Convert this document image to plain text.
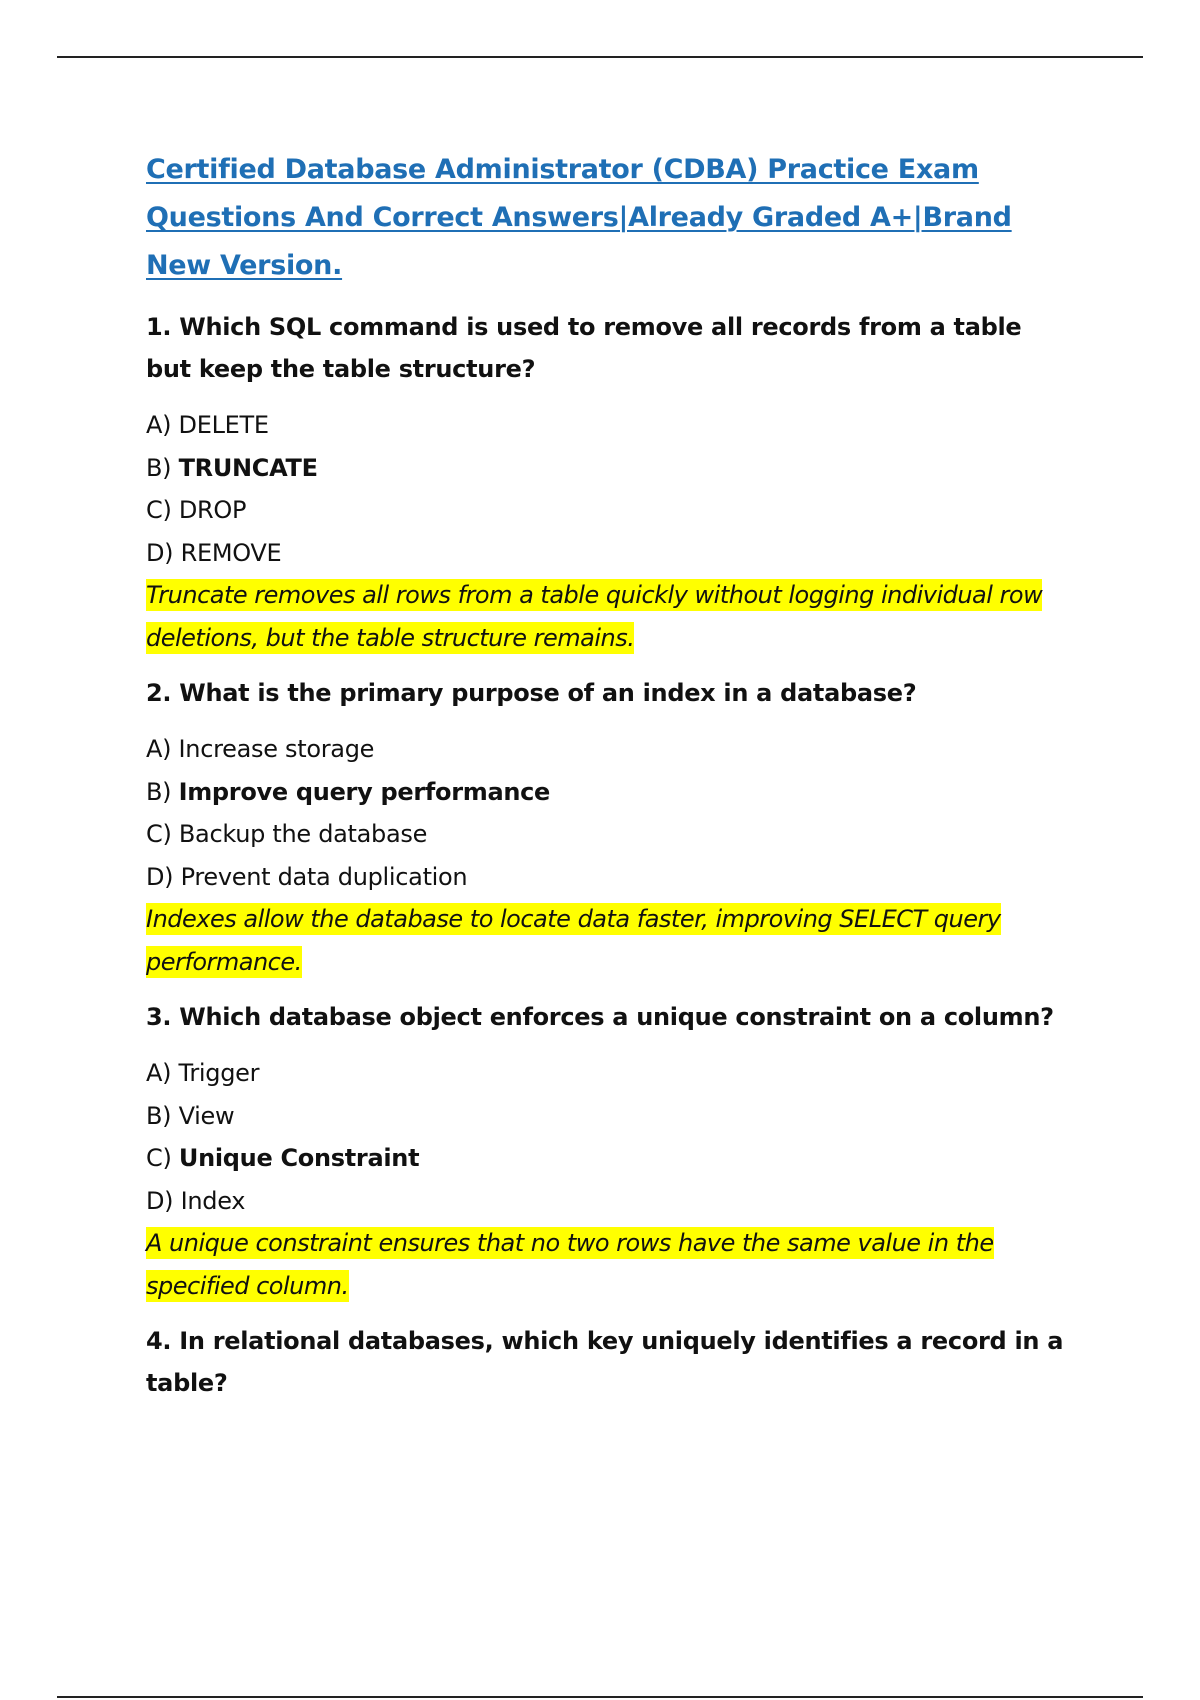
Certified Database Administrator (CDBA) Practice Exam Questions And Correct Answers|Already Graded A+|Brand New Version.
1. Which SQL command is used to remove all records from a table but keep the table structure?
A) DELETE
B) TRUNCATE
C) DROP
D) REMOVE
Truncate removes all rows from a table quickly without logging individual row deletions, but the table structure remains.
2. What is the primary purpose of an index in a database?
A) Increase storage
B) Improve query performance
C) Backup the database
D) Prevent data duplication
Indexes allow the database to locate data faster, improving SELECT query performance.
3. Which database object enforces a unique constraint on a column?
A) Trigger
B) View
C) Unique Constraint
D) Index
A unique constraint ensures that no two rows have the same value in the specified column.
4. In relational databases, which key uniquely identifies a record in a table?
